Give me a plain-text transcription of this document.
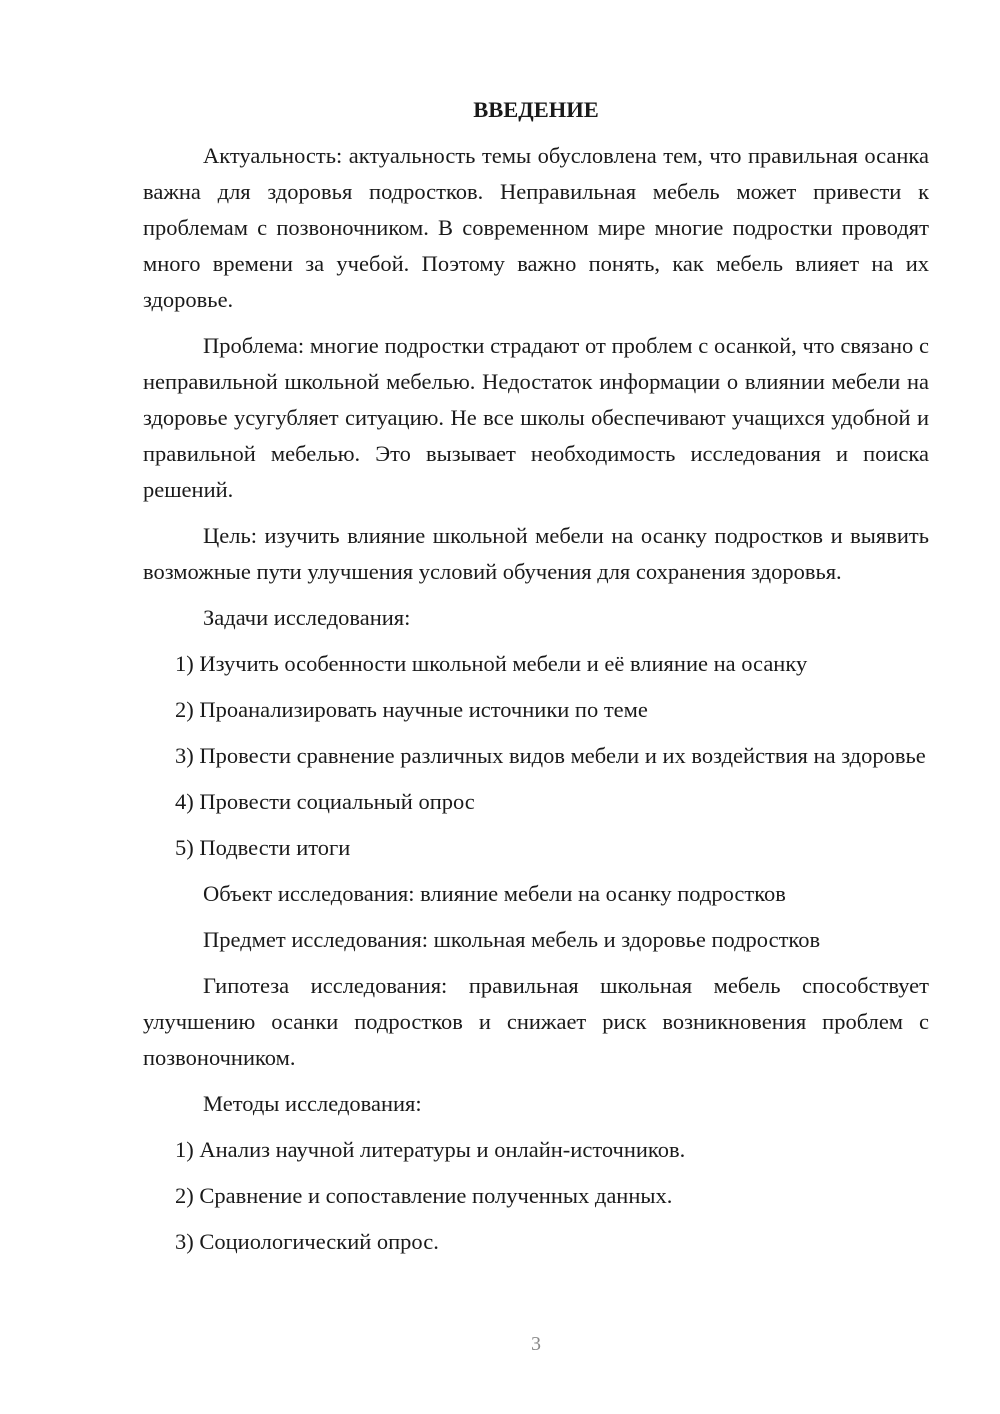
ВВЕДЕНИЕ

Актуальность: актуальность темы обусловлена тем, что правильная осанка важна для здоровья подростков. Неправильная мебель может привести к проблемам с позвоночником. В современном мире многие подростки проводят много времени за учебой. Поэтому важно понять, как мебель влияет на их здоровье.

Проблема: многие подростки страдают от проблем с осанкой, что связано с неправильной школьной мебелью. Недостаток информации о влиянии мебели на здоровье усугубляет ситуацию. Не все школы обеспечивают учащихся удобной и правильной мебелью. Это вызывает необходимость исследования и поиска решений.

Цель: изучить влияние школьной мебели на осанку подростков и выявить возможные пути улучшения условий обучения для сохранения здоровья.

Задачи исследования:

1) Изучить особенности школьной мебели и её влияние на осанку

2) Проанализировать научные источники по теме

3) Провести сравнение различных видов мебели и их воздействия на здоровье

4) Провести социальный опрос

5) Подвести итоги

Объект исследования: влияние мебели на осанку подростков

Предмет исследования: школьная мебель и здоровье подростков

Гипотеза исследования: правильная школьная мебель способствует улучшению осанки подростков и снижает риск возникновения проблем с позвоночником.

Методы исследования:

1) Анализ научной литературы и онлайн-источников.

2) Сравнение и сопоставление полученных данных.

3) Социологический опрос.

3
